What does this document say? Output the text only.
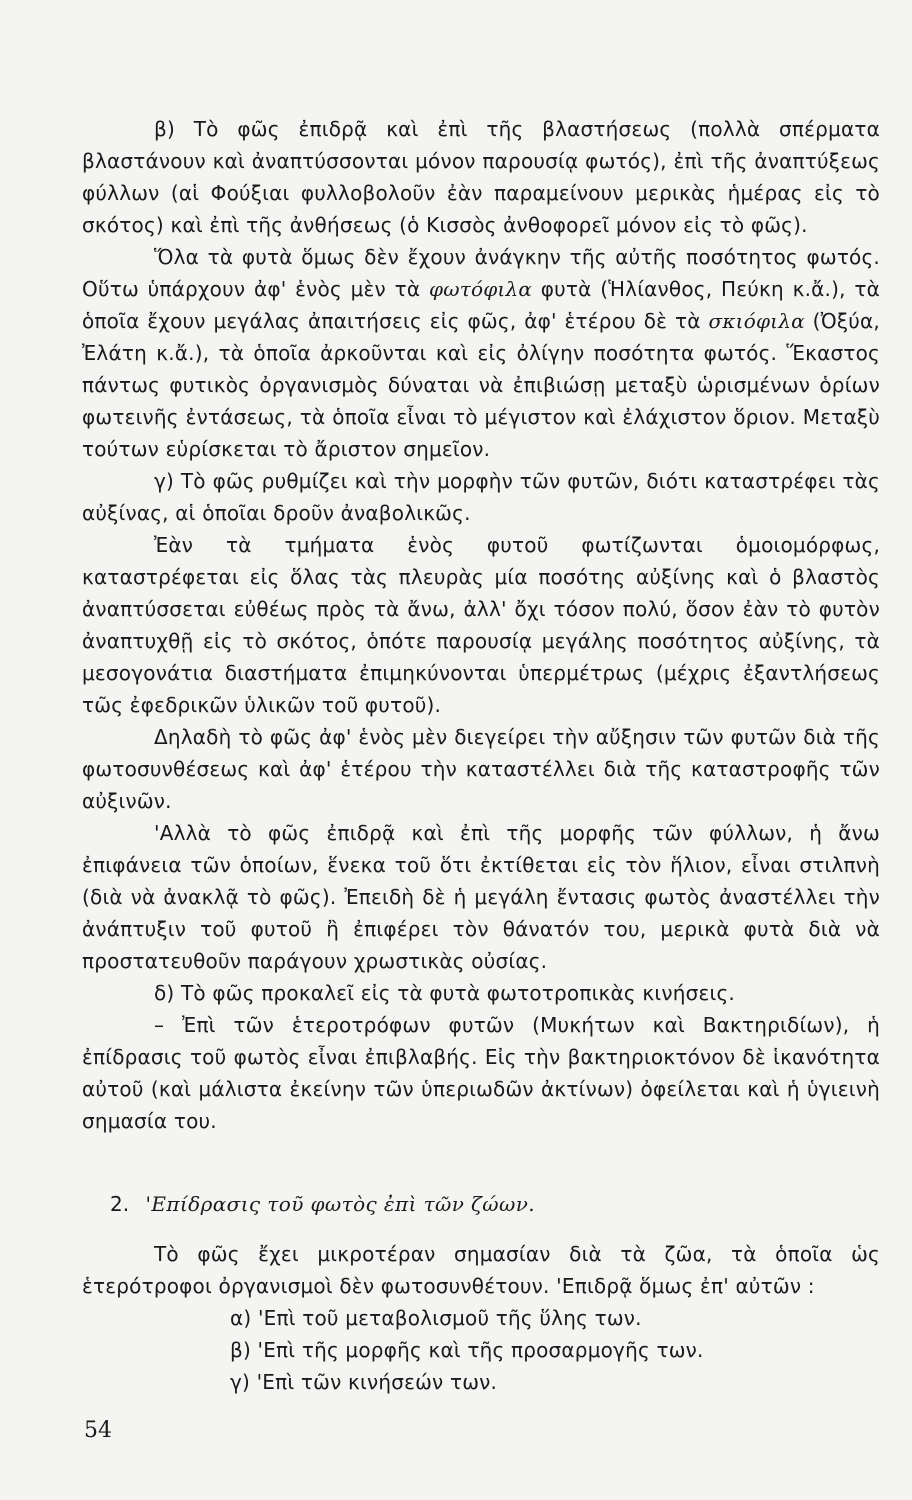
β) Τὸ φῶς ἐπιδρᾷ καὶ ἐπὶ τῆς βλαστήσεως (πολλὰ σπέρματα βλαστάνουν καὶ ἀναπτύσσονται μόνον παρουσίᾳ φωτός), ἐπὶ τῆς ἀναπτύξεως φύλλων (αἱ Φούξιαι φυλλοβολοῦν ἐὰν παραμείνουν μερικὰς ἡμέρας εἰς τὸ σκότος) καὶ ἐπὶ τῆς ἀνθήσεως (ὁ Κισσὸς ἀνθοφορεῖ μόνον εἰς τὸ φῶς).

Ὅλα τὰ φυτὰ ὅμως δὲν ἔχουν ἀνάγκην τῆς αὐτῆς ποσότητος φωτός. Οὕτω ὑπάρχουν ἀφ' ἑνὸς μὲν τὰ φωτόφιλα φυτὰ (Ἡλίανθος, Πεύκη κ.ἄ.), τὰ ὁποῖα ἔχουν μεγάλας ἀπαιτήσεις εἰς φῶς, ἀφ' ἑτέρου δὲ τὰ σκιόφιλα (Ὀξύα, Ἐλάτη κ.ἄ.), τὰ ὁποῖα ἀρκοῦνται καὶ εἰς ὀλίγην ποσότητα φωτός. Ἕκαστος πάντως φυτικὸς ὀργανισμὸς δύναται νὰ ἐπιβιώσῃ μεταξὺ ὡρισμένων ὁρίων φωτεινῆς ἐντάσεως, τὰ ὁποῖα εἶναι τὸ μέγιστον καὶ ἐλάχιστον ὅριον. Μεταξὺ τούτων εὑρίσκεται τὸ ἄριστον σημεῖον.

γ) Τὸ φῶς ρυθμίζει καὶ τὴν μορφὴν τῶν φυτῶν, διότι καταστρέφει τὰς αὐξίνας, αἱ ὁποῖαι δροῦν ἀναβολικῶς.

Ἐὰν τὰ τμήματα ἑνὸς φυτοῦ φωτίζωνται ὁμοιομόρφως, καταστρέφεται εἰς ὅλας τὰς πλευρὰς μία ποσότης αὐξίνης καὶ ὁ βλαστὸς ἀναπτύσσεται εὐθέως πρὸς τὰ ἄνω, ἀλλ' ὄχι τόσον πολύ, ὅσον ἐὰν τὸ φυτὸν ἀναπτυχθῇ εἰς τὸ σκότος, ὁπότε παρουσίᾳ μεγάλης ποσότητος αὐξίνης, τὰ μεσογονάτια διαστήματα ἐπιμηκύνονται ὑπερμέτρως (μέχρις ἐξαντλήσεως τῶς ἐφεδρικῶν ὑλικῶν τοῦ φυτοῦ).

Δηλαδὴ τὸ φῶς ἀφ' ἑνὸς μὲν διεγείρει τὴν αὔξησιν τῶν φυτῶν διὰ τῆς φωτοσυνθέσεως καὶ ἀφ' ἑτέρου τὴν καταστέλλει διὰ τῆς καταστροφῆς τῶν αὐξινῶν.

'Αλλὰ τὸ φῶς ἐπιδρᾷ καὶ ἐπὶ τῆς μορφῆς τῶν φύλλων, ἡ ἄνω ἐπιφάνεια τῶν ὁποίων, ἕνεκα τοῦ ὅτι ἐκτίθεται εἰς τὸν ἥλιον, εἶναι στιλπνὴ (διὰ νὰ ἀνακλᾷ τὸ φῶς). Ἐπειδὴ δὲ ἡ μεγάλη ἔντασις φωτὸς ἀναστέλλει τὴν ἀνάπτυξιν τοῦ φυτοῦ ἢ ἐπιφέρει τὸν θάνατόν του, μερικὰ φυτὰ διὰ νὰ προστατευθοῦν παράγουν χρωστικὰς οὐσίας.

δ) Τὸ φῶς προκαλεῖ εἰς τὰ φυτὰ φωτοτροπικὰς κινήσεις.

– Ἐπὶ τῶν ἑτεροτρόφων φυτῶν (Μυκήτων καὶ Βακτηριδίων), ἡ ἐπίδρασις τοῦ φωτὸς εἶναι ἐπιβλαβής. Εἰς τὴν βακτηριοκτόνον δὲ ἱκανότητα αὐτοῦ (καὶ μάλιστα ἐκείνην τῶν ὑπεριωδῶν ἀκτίνων) ὀφείλεται καὶ ἡ ὑγιεινὴ σημασία του.

2. 'Επίδρασις τοῦ φωτὸς ἐπὶ τῶν ζώων.

Τὸ φῶς ἔχει μικροτέραν σημασίαν διὰ τὰ ζῶα, τὰ ὁποῖα ὡς ἑτερότροφοι ὀργανισμοὶ δὲν φωτοσυνθέτουν. 'Επιδρᾷ ὅμως ἐπ' αὐτῶν :

α) 'Επὶ τοῦ μεταβολισμοῦ τῆς ὕλης των.

β) 'Επὶ τῆς μορφῆς καὶ τῆς προσαρμογῆς των.

γ) 'Επὶ τῶν κινήσεών των.

54
